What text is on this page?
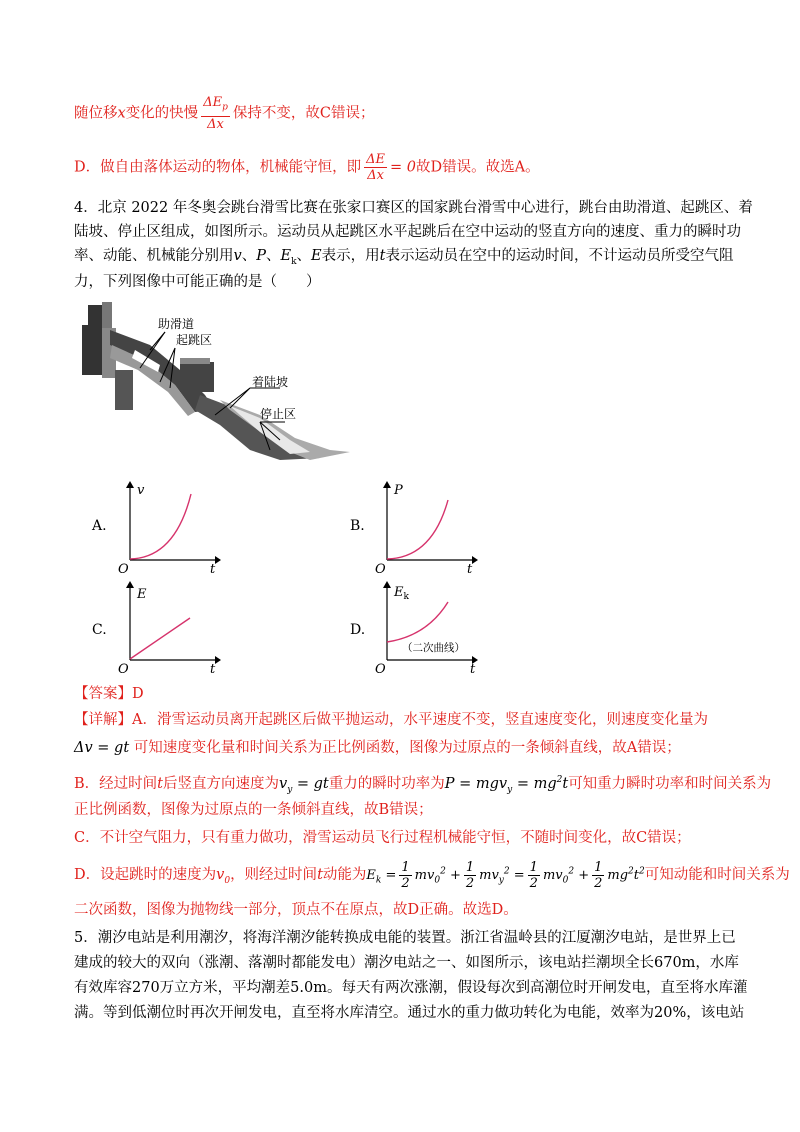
随位移x变化的快慢 $\frac{\Delta E_p}{\Delta x}$ 保持不变，故C错误；
D．做自由落体运动的物体，机械能守恒，即 $\frac{\Delta E}{\Delta x} = 0$故D错误。故选A。
4．北京 2022 年冬奥会跳台滑雪比赛在张家口赛区的国家跳台滑雪中心进行，跳台由助滑道、起跳区、着
陆坡、停止区组成，如图所示。运动员从起跳区水平起跳后在空中运动的竖直方向的速度、重力的瞬时功
率、动能、机械能分别用v、P、$E_k$、E表示，用t表示运动员在空中的运动时间，不计运动员所受空气阻
力，下列图像中可能正确的是（　　）
助滑道
起跳区
着陆坡
停止区
A.
v
O	t
B.
P
O	t
C.
E
O	t
D.
$E_k$
（二次曲线）
O	t
【答案】D
【详解】A．滑雪运动员离开起跳区后做平抛运动，水平速度不变，竖直速度变化，则速度变化量为
Δv = gt 可知速度变化量和时间关系为正比例函数，图像为过原点的一条倾斜直线，故A错误；
B．经过时间t后竖直方向速度为$v_y$ = gt重力的瞬时功率为$P = mgv_y = mg^2t$可知重力瞬时功率和时间关系为
正比例函数，图像为过原点的一条倾斜直线，故B错误；
C．不计空气阻力，只有重力做功，滑雪运动员飞行过程机械能守恒，不随时间变化，故C错误；
D．设起跳时的速度为$v_0$，则经过时间t动能为$E_k = \frac{1}{2} mv_0^2 + \frac{1}{2} mv_y^2 = \frac{1}{2} mv_0^2 + \frac{1}{2} mg^2t^2$可知动能和时间关系为
二次函数，图像为抛物线一部分，顶点不在原点，故D正确。故选D。
5．潮汐电站是利用潮汐，将海洋潮汐能转换成电能的装置。浙江省温岭县的江厦潮汐电站，是世界上已
建成的较大的双向（涨潮、落潮时都能发电）潮汐电站之一、如图所示，该电站拦潮坝全长670m，水库
有效库容270万立方米，平均潮差5.0m。每天有两次涨潮，假设每次到高潮位时开闸发电，直至将水库灌
满。等到低潮位时再次开闸发电，直至将水库清空。通过水的重力做功转化为电能，效率为20%，该电站
